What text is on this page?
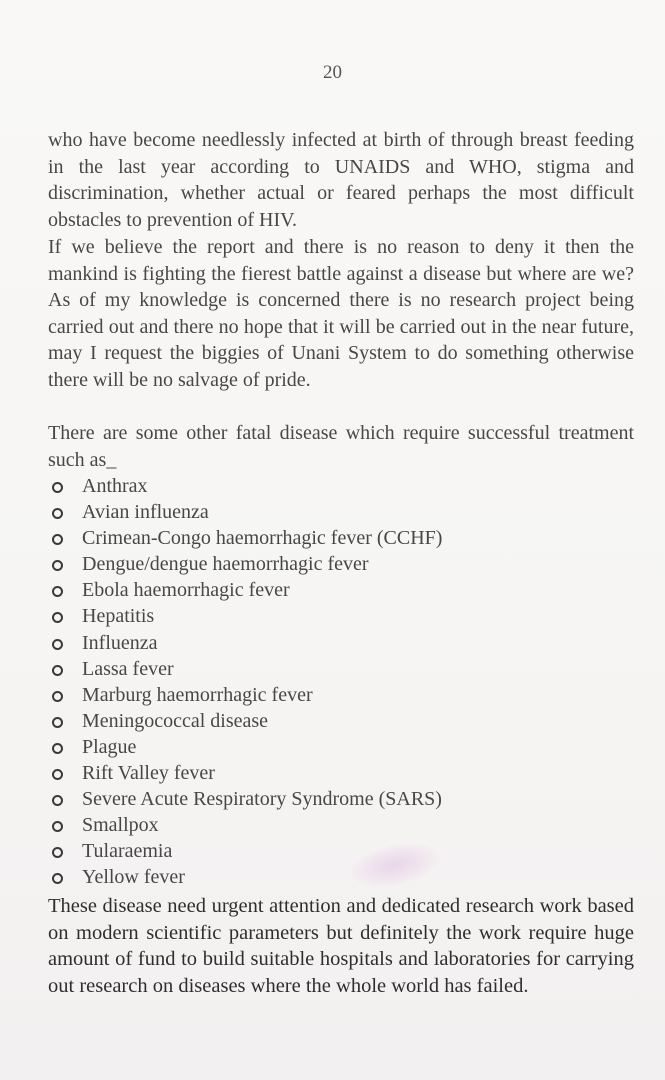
20

who have become needlessly infected at birth of through breast feeding in the last year according to UNAIDS and WHO, stigma and discrimination, whether actual or feared perhaps the most difficult obstacles to prevention of HIV.

If we believe the report and there is no reason to deny it then the mankind is fighting the fierest battle against a disease but where are we? As of my knowledge is concerned there is no research project being carried out and there no hope that it will be carried out in the near future, may I request the biggies of Unani System to do something otherwise there will be no salvage of pride.

There are some other fatal disease which require successful treatment such as_

Anthrax
Avian influenza
Crimean-Congo haemorrhagic fever (CCHF)
Dengue/dengue haemorrhagic fever
Ebola haemorrhagic fever
Hepatitis
Influenza
Lassa fever
Marburg haemorrhagic fever
Meningococcal disease
Plague
Rift Valley fever
Severe Acute Respiratory Syndrome (SARS)
Smallpox
Tularaemia
Yellow fever

These disease need urgent attention and dedicated research work based on modern scientific parameters but definitely the work require huge amount of fund to build suitable hospitals and laboratories for carrying out research on diseases where the whole world has failed.
